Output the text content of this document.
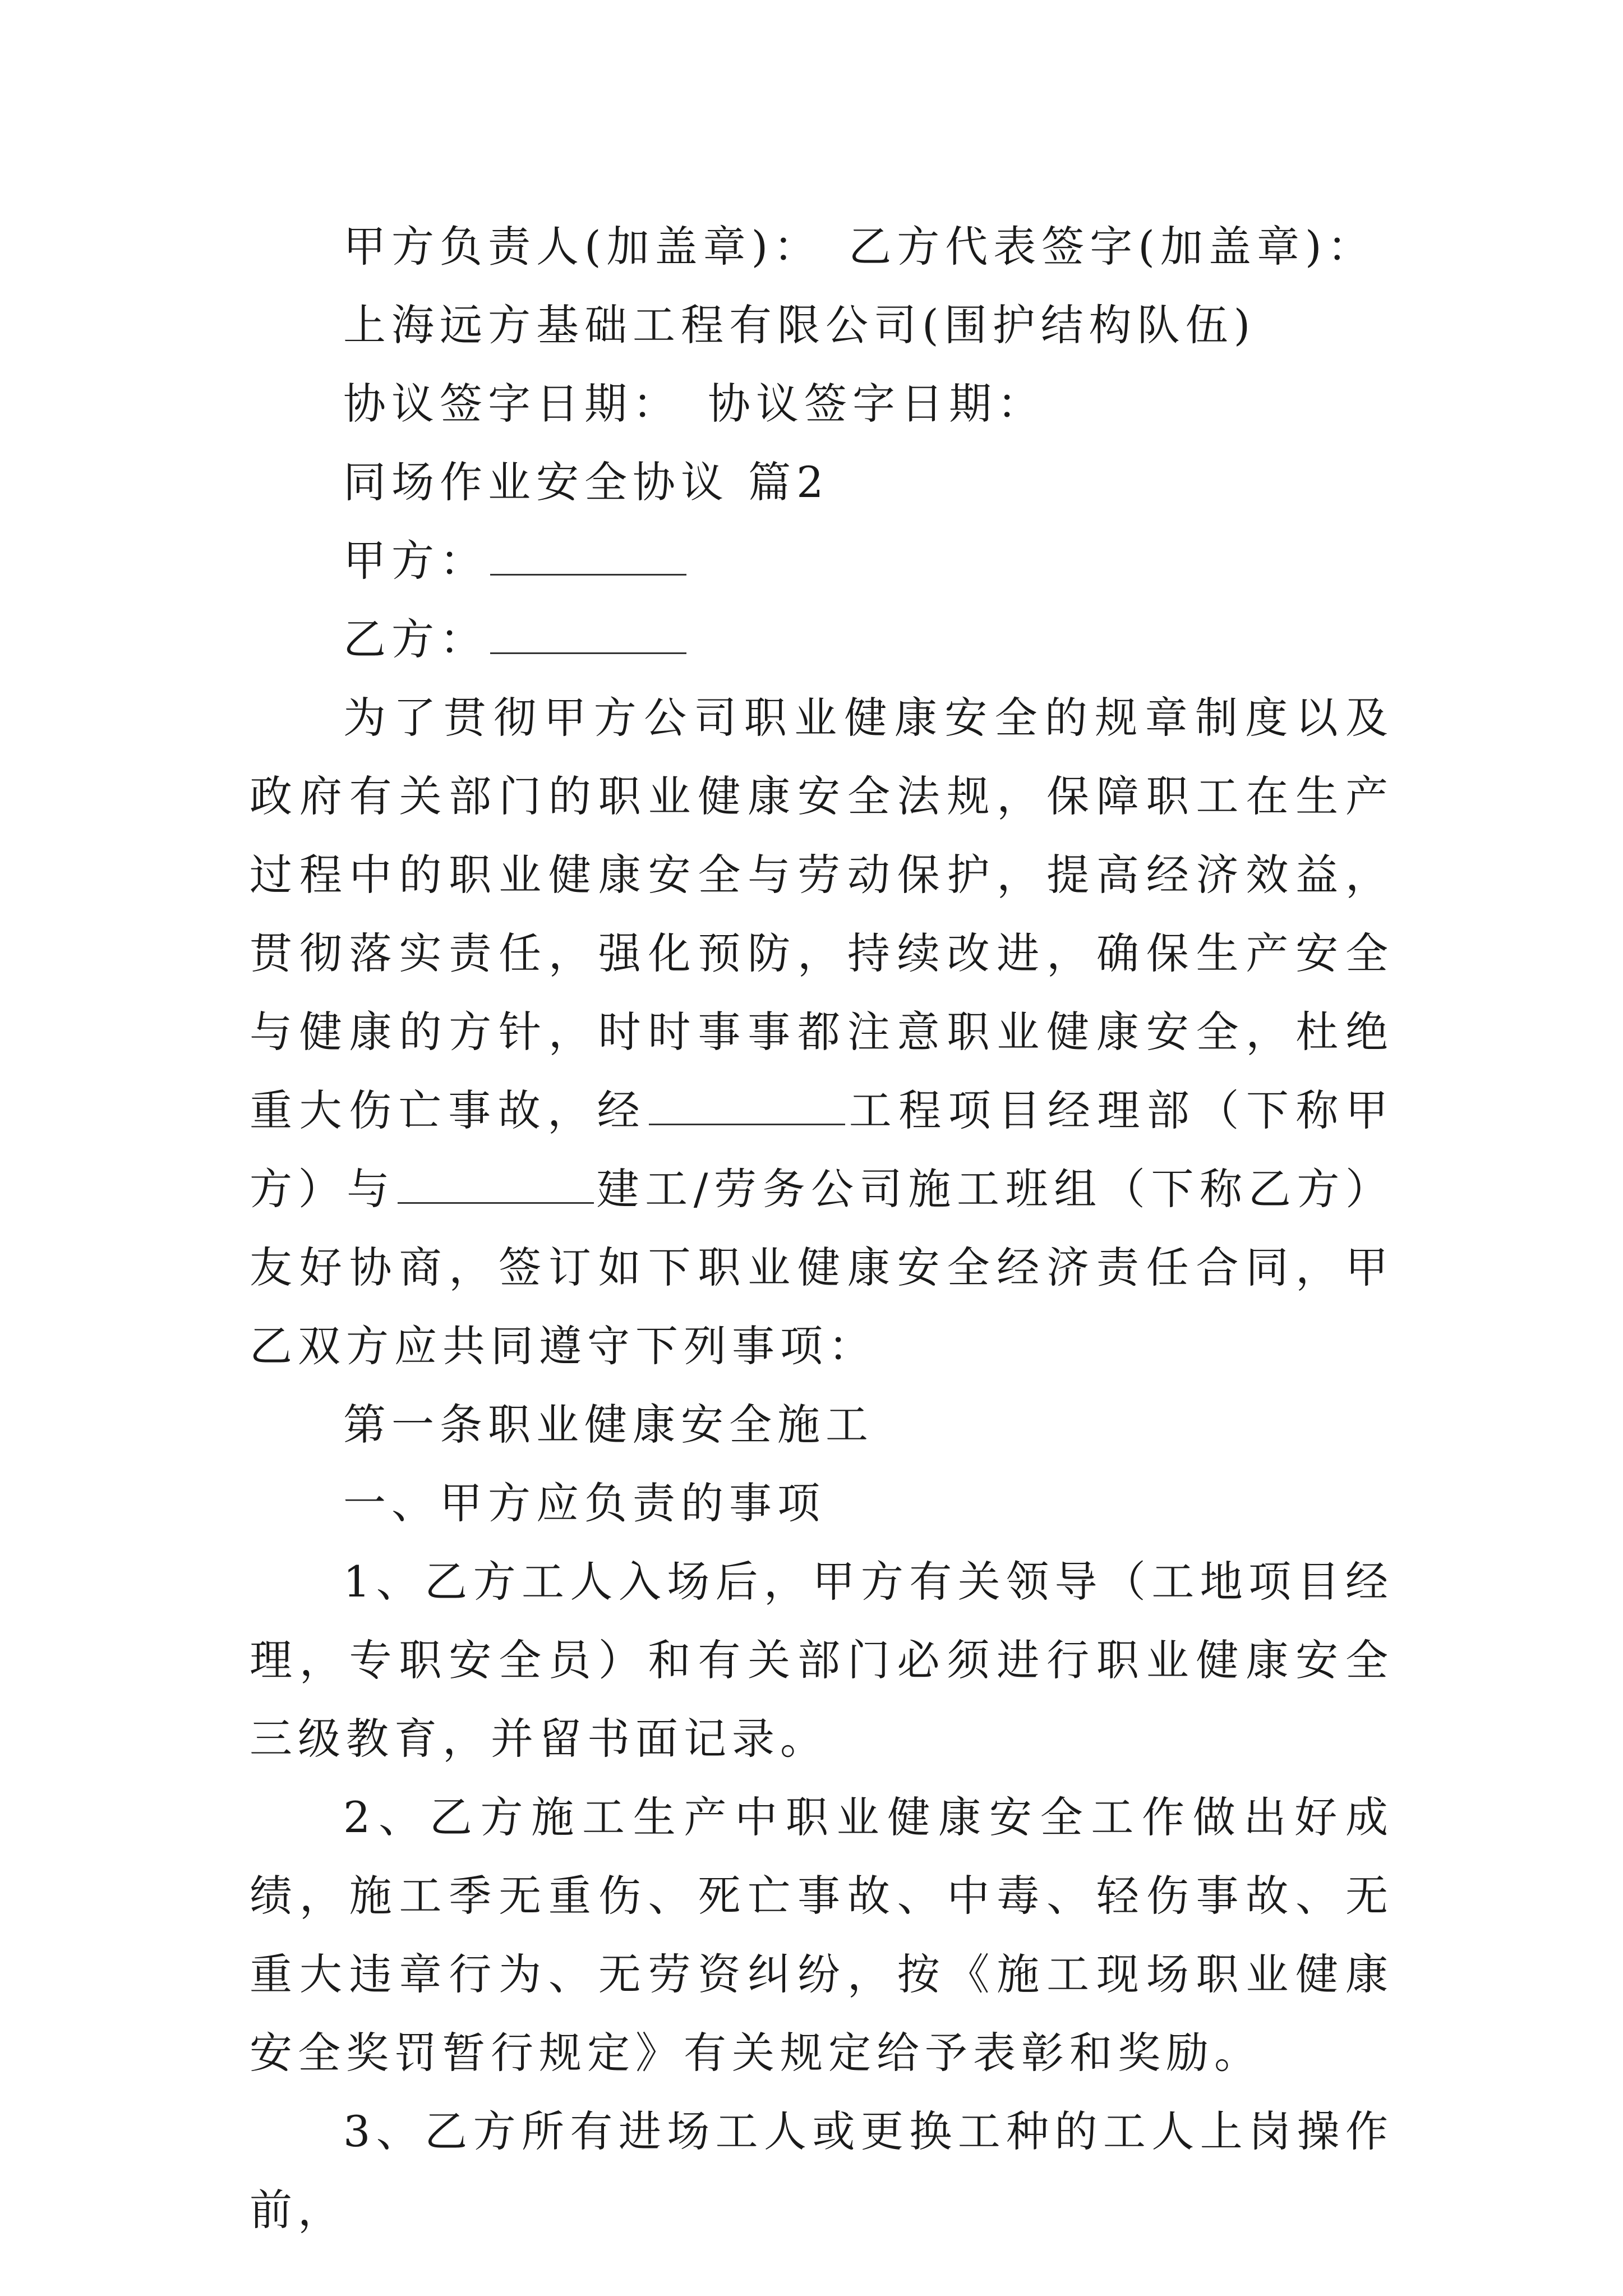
甲方负责人(加盖章)：　乙方代表签字(加盖章)：
上海远方基础工程有限公司(围护结构队伍)
协议签字日期：　协议签字日期：
同场作业安全协议 篇2
甲方：
乙方：
为了贯彻甲方公司职业健康安全的规章制度以及政府有关部门的职业健康安全法规，保障职工在生产过程中的职业健康安全与劳动保护，提高经济效益，贯彻落实责任，强化预防，持续改进，确保生产安全与健康的方针，时时事事都注意职业健康安全，杜绝重大伤亡事故，经	工程项目经理部（下称甲方）与	建工/劳务公司施工班组（下称乙方）友好协商，签订如下职业健康安全经济责任合同，甲乙双方应共同遵守下列事项：
第一条职业健康安全施工
一、甲方应负责的事项
1、乙方工人入场后，甲方有关领导（工地项目经理，专职安全员）和有关部门必须进行职业健康安全三级教育，并留书面记录。
2、乙方施工生产中职业健康安全工作做出好成绩，施工季无重伤、死亡事故、中毒、轻伤事故、无重大违章行为、无劳资纠纷，按《施工现场职业健康安全奖罚暂行规定》有关规定给予表彰和奖励。
3、乙方所有进场工人或更换工种的工人上岗操作前，
